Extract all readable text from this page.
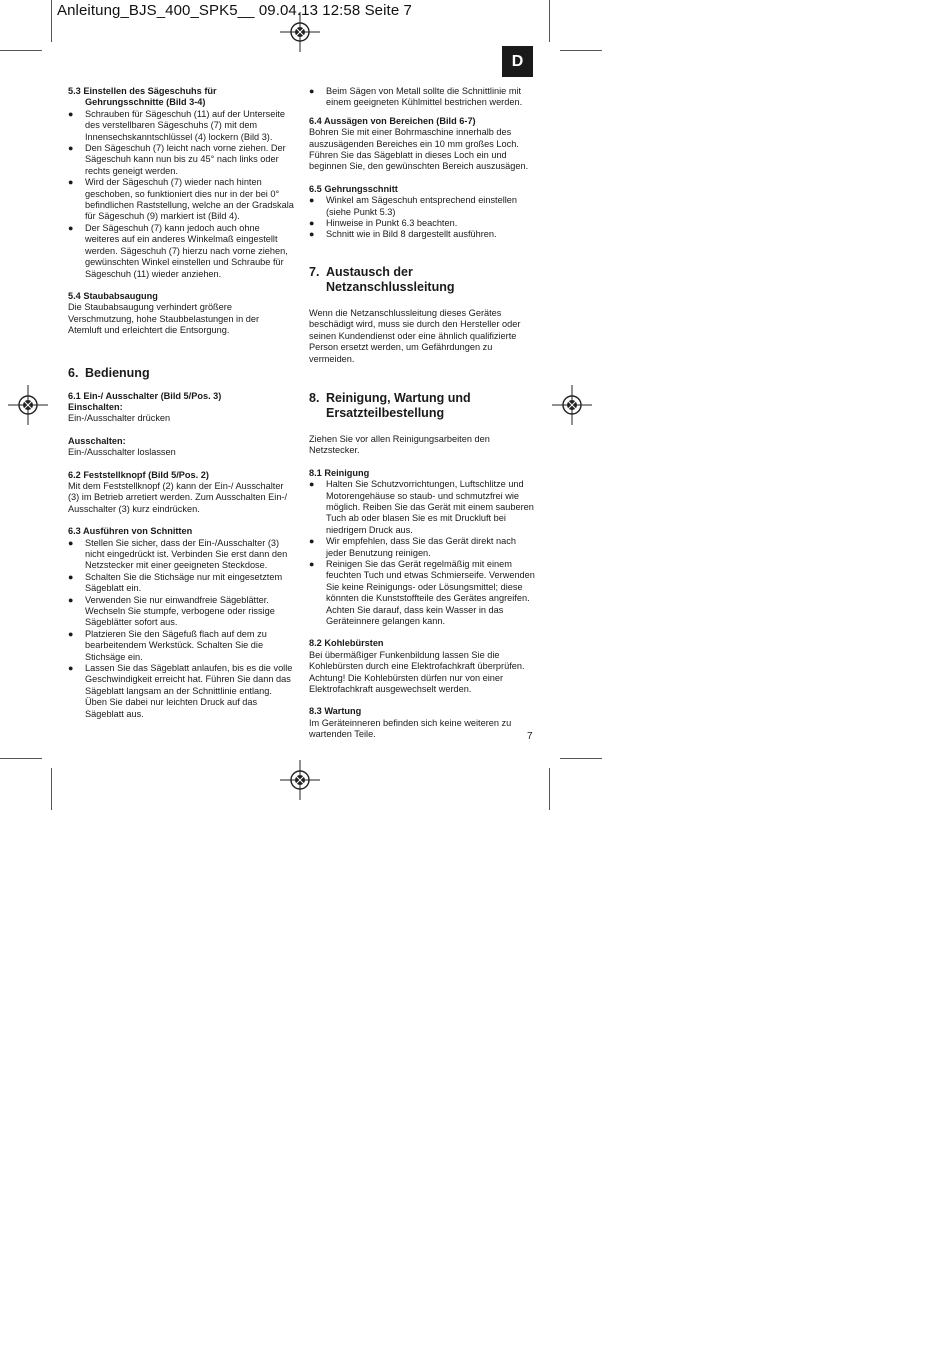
Anleitung_BJS_400_SPK5__ 09.04.13 12:58 Seite 7
D

5.3 Einstellen des Sägeschuhs für
Gehrungsschnitte (Bild 3-4)

● Schrauben für Sägeschuh (11) auf der Unterseite des verstellbaren Sägeschuhs (7) mit dem Innensechskanntschlüssel (4) lockern (Bild 3).
● Den Sägeschuh (7) leicht nach vorne ziehen. Der Sägeschuh kann nun bis zu 45° nach links oder rechts geneigt werden.
● Wird der Sägeschuh (7) wieder nach hinten geschoben, so funktioniert dies nur in der bei 0° befindlichen Raststellung, welche an der Gradskala für Sägeschuh (9) markiert ist (Bild 4).
● Der Sägeschuh (7) kann jedoch auch ohne weiteres auf ein anderes Winkelmaß eingestellt werden. Sägeschuh (7) hierzu nach vorne ziehen, gewünschten Winkel einstellen und Schraube für Sägeschuh (11) wieder anziehen.

5.4 Staubabsaugung

Die Staubabsaugung verhindert größere Verschmutzung, hohe Staubbelastungen in der Atemluft und erleichtert die Entsorgung.

6. Bedienung

6.1 Ein-/ Ausschalter (Bild 5/Pos. 3)

Einschalten:

Ein-/Ausschalter drücken

Ausschalten:

Ein-/Ausschalter loslassen

6.2 Feststellknopf (Bild 5/Pos. 2)

Mit dem Feststellknopf (2) kann der Ein-/ Ausschalter (3) im Betrieb arretiert werden. Zum Ausschalten Ein-/ Ausschalter (3) kurz eindrücken.

6.3 Ausführen von Schnitten

● Stellen Sie sicher, dass der Ein-/Ausschalter (3) nicht eingedrückt ist. Verbinden Sie erst dann den Netzstecker mit einer geeigneten Steckdose.
● Schalten Sie die Stichsäge nur mit eingesetztem Sägeblatt ein.
● Verwenden Sie nur einwandfreie Sägeblätter. Wechseln Sie stumpfe, verbogene oder rissige Sägeblätter sofort aus.
● Platzieren Sie den Sägefuß flach auf dem zu bearbeitendem Werkstück. Schalten Sie die Stichsäge ein.
● Lassen Sie das Sägeblatt anlaufen, bis es die volle Geschwindigkeit erreicht hat. Führen Sie dann das Sägeblatt langsam an der Schnittlinie entlang. Üben Sie dabei nur leichten Druck auf das Sägeblatt aus.
● Beim Sägen von Metall sollte die Schnittlinie mit einem geeigneten Kühlmittel bestrichen werden.

6.4 Aussägen von Bereichen (Bild 6-7)

Bohren Sie mit einer Bohrmaschine innerhalb des auszusägenden Bereiches ein 10 mm großes Loch. Führen Sie das Sägeblatt in dieses Loch ein und beginnen Sie, den gewünschten Bereich auszusägen.

6.5 Gehrungsschnitt

● Winkel am Sägeschuh entsprechend einstellen (siehe Punkt 5.3)
● Hinweise in Punkt 6.3 beachten.
● Schnitt wie in Bild 8 dargestellt ausführen.
7. Austausch der
Netzanschlussleitung

Wenn die Netzanschlussleitung dieses Gerätes beschädigt wird, muss sie durch den Hersteller oder seinen Kundendienst oder eine ähnlich qualifizierte Person ersetzt werden, um Gefährdungen zu vermeiden.

8. Reinigung, Wartung und
Ersatzteilbestellung

Ziehen Sie vor allen Reinigungsarbeiten den Netzstecker.

8.1 Reinigung

● Halten Sie Schutzvorrichtungen, Luftschlitze und Motorengehäuse so staub- und schmutzfrei wie möglich. Reiben Sie das Gerät mit einem sauberen Tuch ab oder blasen Sie es mit Druckluft bei niedrigem Druck aus.
● Wir empfehlen, dass Sie das Gerät direkt nach jeder Benutzung reinigen.
● Reinigen Sie das Gerät regelmäßig mit einem feuchten Tuch und etwas Schmierseife. Verwenden Sie keine Reinigungs- oder Lösungsmittel; diese könnten die Kunststoffteile des Gerätes angreifen. Achten Sie darauf, dass kein Wasser in das Geräteinnere gelangen kann.

8.2 Kohlebürsten

Bei übermäßiger Funkenbildung lassen Sie die Kohlebürsten durch eine Elektrofachkraft überprüfen. Achtung! Die Kohlebürsten dürfen nur von einer Elektrofachkraft ausgewechselt werden.

8.3 Wartung

Im Geräteinneren befinden sich keine weiteren zu wartenden Teile.	7
